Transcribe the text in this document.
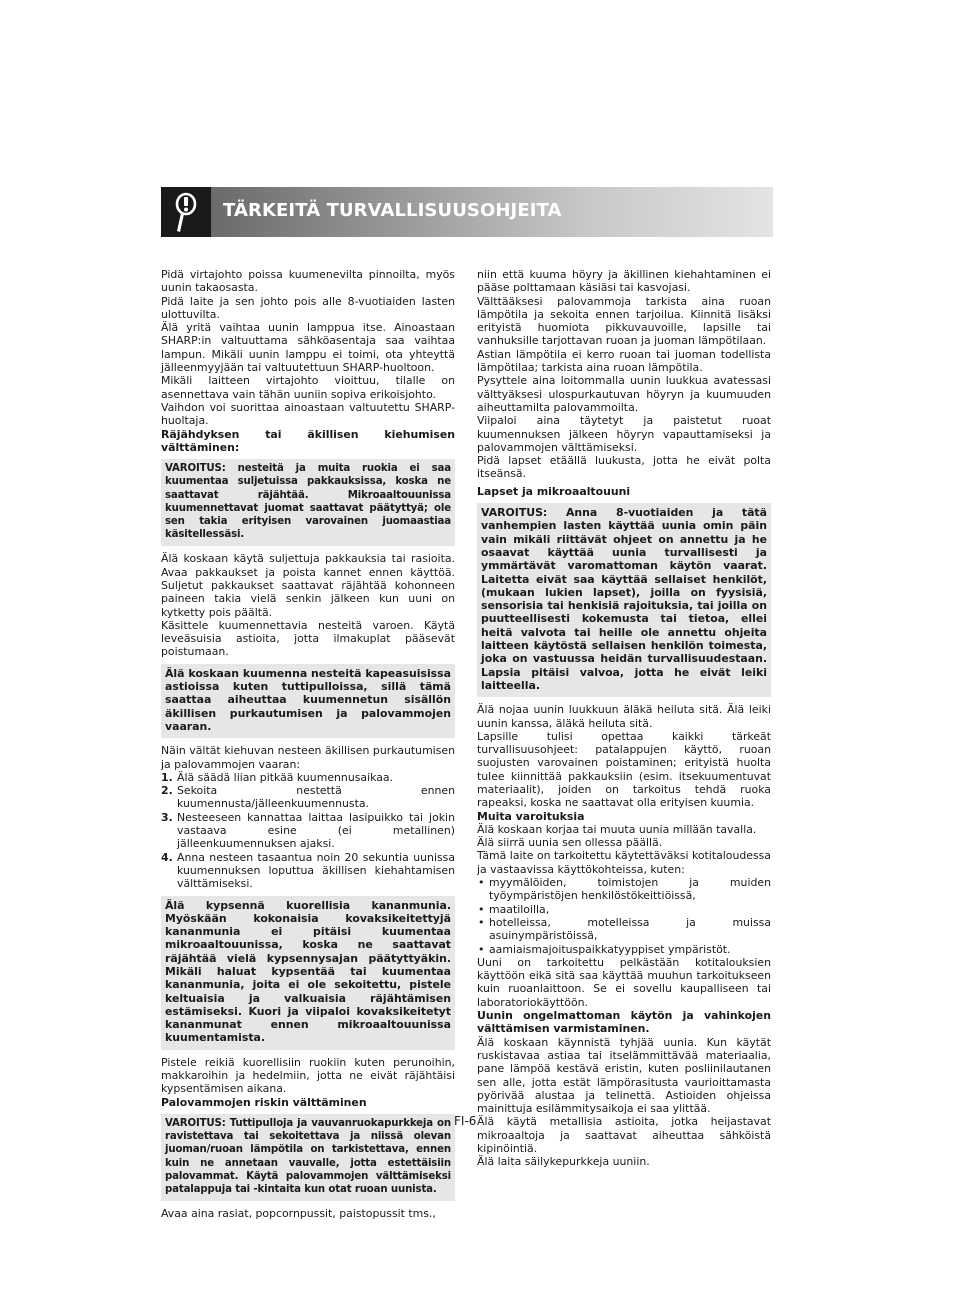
TÄRKEITÄ TURVALLISUUSOHJEITA

Pidä virtajohto poissa kuumenevilta pinnoilta, myös uunin takaosasta.

Pidä laite ja sen johto pois alle 8-vuotiaiden lasten ulottuvilta.

Älä yritä vaihtaa uunin lamppua itse. Ainoastaan SHARP:in valtuuttama sähköasentaja saa vaihtaa lampun. Mikäli uunin lamppu ei toimi, ota yhteyttä jälleenmyyjään tai valtuutettuun SHARP-huoltoon.

Mikäli laitteen virtajohto vioittuu, tilalle on asennettava vain tähän uuniin sopiva erikoisjohto.

Vaihdon voi suorittaa ainoastaan valtuutettu SHARP-huoltaja.

Räjähdyksen tai äkillisen kiehumisen välttäminen:

VAROITUS: nesteitä ja muita ruokia ei saa kuumentaa suljetuissa pakkauksissa, koska ne saattavat räjähtää. Mikroaaltouunissa kuumennettavat juomat saattavat päätyttyä; ole sen takia erityisen varovainen juomaastiaa käsitellessäsi.

Älä koskaan käytä suljettuja pakkauksia tai rasioita. Avaa pakkaukset ja poista kannet ennen käyttöä. Suljetut pakkaukset saattavat räjähtää kohonneen paineen takia vielä senkin jälkeen kun uuni on kytketty pois päältä.

Käsittele kuumennettavia nesteitä varoen. Käytä leveäsuisia astioita, jotta ilmakuplat pääsevät poistumaan.

Älä koskaan kuumenna nesteitä kapeasuisissa astioissa kuten tuttipulloissa, sillä tämä saattaa aiheuttaa kuumennetun sisällön äkillisen purkautumisen ja palovammojen vaaran.

Näin vältät kiehuvan nesteen äkillisen purkautumisen ja palovammojen vaaran:

1. Älä säädä liian pitkää kuumennusaikaa.
2. Sekoita nestettä ennen kuumennusta/jälleenkuumennusta.
3. Nesteeseen kannattaa laittaa lasipuikko tai jokin vastaava esine (ei metallinen) jälleenkuumennuksen ajaksi.
4. Anna nesteen tasaantua noin 20 sekuntia uunissa kuumennuksen loputtua äkillisen kiehahtamisen välttämiseksi.
Älä kypsennä kuorellisia kananmunia. Myöskään kokonaisia kovaksikeitettyjä kananmunia ei pitäisi kuumentaa mikroaaltouunissa, koska ne saattavat räjähtää vielä kypsennysajan päätyttyäkin. Mikäli haluat kypsentää tai kuumentaa kananmunia, joita ei ole sekoitettu, pistele keltuaisia ja valkuaisia räjähtämisen estämiseksi. Kuori ja viipaloi kovaksikeitetyt kananmunat ennen mikroaaltouunissa kuumentamista.

Pistele reikiä kuorellisiin ruokiin kuten perunoihin, makkaroihin ja hedelmiin, jotta ne eivät räjähtäisi kypsentämisen aikana.

Palovammojen riskin välttäminen

VAROITUS: Tuttipulloja ja vauvanruokapurkkeja on ravistettava tai sekoitettava ja niissä olevan juoman/ruoan lämpötila on tarkistettava, ennen kuin ne annetaan vauvalle, jotta estettäisiin palovammat. Käytä palovammojen välttämiseksi patalappuja tai -kintaita kun otat ruoan uunista.

Avaa aina rasiat, popcornpussit, paistopussit tms.,

niin että kuuma höyry ja äkillinen kiehahtaminen ei pääse polttamaan käsiäsi tai kasvojasi.

Välttääksesi palovammoja tarkista aina ruoan lämpötila ja sekoita ennen tarjoilua. Kiinnitä lisäksi erityistä huomiota pikkuvauvoille, lapsille tai vanhuksille tarjottavan ruoan ja juoman lämpötilaan.

Astian lämpötila ei kerro ruoan tai juoman todellista lämpötilaa; tarkista aina ruoan lämpötila.

Pysyttele aina loitommalla uunin luukkua avatessasi välttyäksesi ulospurkautuvan höyryn ja kuumuuden aiheuttamilta palovammoilta.

Viipaloi aina täytetyt ja paistetut ruoat kuumennuksen jälkeen höyryn vapauttamiseksi ja palovammojen välttämiseksi.

Pidä lapset etäällä luukusta, jotta he eivät polta itseänsä.

Lapset ja mikroaaltouuni

VAROITUS: Anna 8-vuotiaiden ja tätä vanhempien lasten käyttää uunia omin päin vain mikäli riittävät ohjeet on annettu ja he osaavat käyttää uunia turvallisesti ja ymmärtävät varomattoman käytön vaarat. Laitetta eivät saa käyttää sellaiset henkilöt, (mukaan lukien lapset), joilla on fyysisiä, sensorisia tai henkisiä rajoituksia, tai joilla on puutteellisesti kokemusta tai tietoa, ellei heitä valvota tai heille ole annettu ohjeita laitteen käytöstä sellaisen henkilön toimesta, joka on vastuussa heidän turvallisuudestaan. Lapsia pitäisi valvoa, jotta he eivät leiki laitteella.

Älä nojaa uunin luukkuun äläkä heiluta sitä. Älä leiki uunin kanssa, äläkä heiluta sitä.

Lapsille tulisi opettaa kaikki tärkeät turvallisuusohjeet: patalappujen käyttö, ruoan suojusten varovainen poistaminen; erityistä huolta tulee kiinnittää pakkauksiin (esim. itsekuumentuvat materiaalit), joiden on tarkoitus tehdä ruoka rapeaksi, koska ne saattavat olla erityisen kuumia.

Muita varoituksia

Älä koskaan korjaa tai muuta uunia millään tavalla.

Älä siirrä uunia sen ollessa päällä.

Tämä laite on tarkoitettu käytettäväksi kotitaloudessa ja vastaavissa käyttökohteissa, kuten:

• myymälöiden, toimistojen ja muiden työympäristöjen henkilöstökeittiöissä,
• maatiloilla,
• hotelleissa, motelleissa ja muissa asuinympäristöissä,
• aamiaismajoituspaikkatyyppiset ympäristöt.

Uuni on tarkoitettu pelkästään kotitalouksien käyttöön eikä sitä saa käyttää muuhun tarkoitukseen kuin ruoanlaittoon. Se ei sovellu kaupalliseen tai laboratoriokäyttöön.

Uunin ongelmattoman käytön ja vahinkojen välttämisen varmistaminen.

Älä koskaan käynnistä tyhjää uunia. Kun käytät ruskistavaa astiaa tai itselämmittävää materiaalia, pane lämpöä kestävä eristin, kuten posliinilautanen sen alle, jotta estät lämpörasitusta vaurioittamasta pyörivää alustaa ja telinettä. Astioiden ohjeissa mainittuja esilämmitysaikoja ei saa ylittää.

Älä käytä metallisia astioita, jotka heijastavat mikroaaltoja ja saattavat aiheuttaa sähköistä kipinöintiä.

Älä laita säilykepurkkeja uuniin.

FI-6
